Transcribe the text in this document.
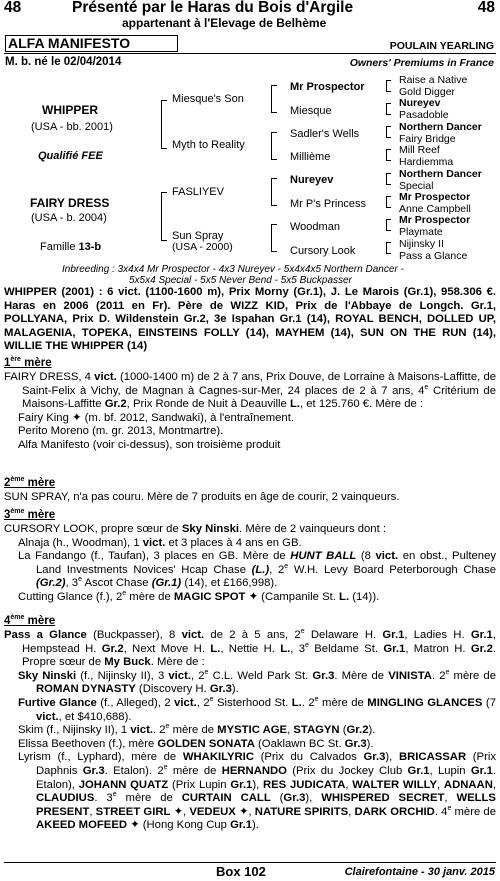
48	Présenté par le Haras du Bois d'Argile	48
appartenant à l'Elevage de Belhème
ALFA MANIFESTO	POULAIN YEARLING
M. b. né le 02/04/2014	Owners' Premiums in France
WHIPPER
(USA - bb. 2001)
Qualifié FEE
FAIRY DRESS
(USA - b. 2004)
Famille 13-b
Miesque's Son
Myth to Reality
FASLIYEV
Sun Spray
(USA - 2000)
Mr Prospector
Miesque
Sadler's Wells
Millième
Nureyev
Mr P's Princess
Woodman
Cursory Look
Raise a Native
Gold Digger
Nureyev
Pasadoble
Northern Dancer
Fairy Bridge
Mill Reef
Hardiemma
Northern Dancer
Special
Mr Prospector
Anne Campbell
Mr Prospector
Playmate
Nijinsky II
Pass a Glance
Inbreeding : 3x4x4 Mr Prospector - 4x3 Nureyev - 5x4x4x5 Northern Dancer -
5x5x4 Special - 5x5 Never Bend - 5x5 Buckpasser

WHIPPER (2001) : 6 vict. (1100-1600 m), Prix Morny (Gr.1), J. Le Marois (Gr.1), 958.306 €. Haras en 2006 (2011 en Fr). Père de WIZZ KID, Prix de l'Abbaye de Longch. Gr.1, POLLYANA, Prix D. Wildenstein Gr.2, 3e Ispahan Gr.1 (14), ROYAL BENCH, DOLLED UP, MALAGENIA, TOPEKA, EINSTEINS FOLLY (14), MAYHEM (14), SUN ON THE RUN (14), WILLIE THE WHIPPER (14)

1ère mère

FAIRY DRESS, 4 vict. (1000-1400 m) de 2 à 7 ans, Prix Douve, de Lorraine à Maisons-Laffitte, de Saint-Felix à Vichy, de Magnan à Cagnes-sur-Mer, 24 places de 2 à 7 ans, 4e Critérium de Maisons-Laffitte Gr.2, Prix Ronde de Nuit à Deauville L., et 125.760 €. Mère de :

Fairy King ✦ (m. bf. 2012, Sandwaki), à l'entraînement.

Perito Moreno (m. gr. 2013, Montmartre).

Alfa Manifesto (voir ci-dessus), son troisième produit

2ème mère

SUN SPRAY, n'a pas couru. Mère de 7 produits en âge de courir, 2 vainqueurs.

3ème mère

CURSORY LOOK, propre sœur de Sky Ninski. Mère de 2 vainqueurs dont :

Alnaja (h., Woodman), 1 vict. et 3 places à 4 ans en GB.

La Fandango (f., Taufan), 3 places en GB. Mère de HUNT BALL (8 vict. en obst., Pulteney Land Investments Novices' Hcap Chase (L.), 2e W.H. Levy Board Peterborough Chase (Gr.2), 3e Ascot Chase (Gr.1) (14), et £166,998).

Cutting Glance (f.), 2e mère de MAGIC SPOT ✦ (Campanile St. L. (14)).

4ème mère

Pass a Glance (Buckpasser), 8 vict. de 2 à 5 ans, 2e Delaware H. Gr.1, Ladies H. Gr.1, Hempstead H. Gr.2, Next Move H. L., Nettie H. L., 3e Beldame St. Gr.1, Matron H. Gr.2. Propre sœur de My Buck. Mère de :

Sky Ninski (f., Nijinsky II), 3 vict., 2e C.L. Weld Park St. Gr.3. Mère de VINISTA. 2e mère de ROMAN DYNASTY (Discovery H. Gr.3).

Furtive Glance (f., Alleged), 2 vict., 2e Sisterhood St. L.. 2e mère de MINGLING GLANCES (7 vict., et $410,688).

Skim (f., Nijinsky II), 1 vict.. 2e mère de MYSTIC AGE, STAGYN (Gr.2).

Elissa Beethoven (f.), mère GOLDEN SONATA (Oaklawn BC St. Gr.3).

Lyrism (f., Lyphard), mère de WHAKILYRIC (Prix du Calvados Gr.3), BRICASSAR (Prix Daphnis Gr.3. Etalon). 2e mère de HERNANDO (Prix du Jockey Club Gr.1, Lupin Gr.1. Etalon), JOHANN QUATZ (Prix Lupin Gr.1), RES JUDICATA, WALTER WILLY, ADNAAN, CLAUDIUS. 3e mère de CURTAIN CALL (Gr.3), WHISPERED SECRET, WELLS PRESENT, STREET GIRL ✦, VEDEUX ✦, NATURE SPIRITS, DARK ORCHID. 4e mère de AKEED MOFEED ✦ (Hong Kong Cup Gr.1).

Box 102	Clairefontaine - 30 janv. 2015
